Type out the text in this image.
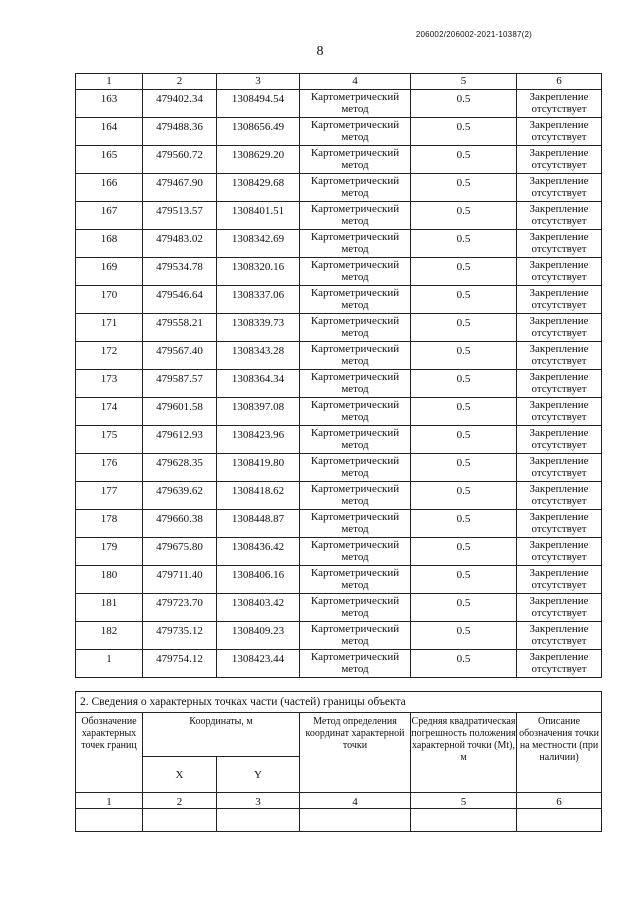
206002/206002-2021-10387(2)
8
1	2	3	4	5	6
163	479402.34	1308494.54	Картометрический метод	0.5	Закрепление отсутствует
164	479488.36	1308656.49	Картометрический метод	0.5	Закрепление отсутствует
165	479560.72	1308629.20	Картометрический метод	0.5	Закрепление отсутствует
166	479467.90	1308429.68	Картометрический метод	0.5	Закрепление отсутствует
167	479513.57	1308401.51	Картометрический метод	0.5	Закрепление отсутствует
168	479483.02	1308342.69	Картометрический метод	0.5	Закрепление отсутствует
169	479534.78	1308320.16	Картометрический метод	0.5	Закрепление отсутствует
170	479546.64	1308337.06	Картометрический метод	0.5	Закрепление отсутствует
171	479558.21	1308339.73	Картометрический метод	0.5	Закрепление отсутствует
172	479567.40	1308343.28	Картометрический метод	0.5	Закрепление отсутствует
173	479587.57	1308364.34	Картометрический метод	0.5	Закрепление отсутствует
174	479601.58	1308397.08	Картометрический метод	0.5	Закрепление отсутствует
175	479612.93	1308423.96	Картометрический метод	0.5	Закрепление отсутствует
176	479628.35	1308419.80	Картометрический метод	0.5	Закрепление отсутствует
177	479639.62	1308418.62	Картометрический метод	0.5	Закрепление отсутствует
178	479660.38	1308448.87	Картометрический метод	0.5	Закрепление отсутствует
179	479675.80	1308436.42	Картометрический метод	0.5	Закрепление отсутствует
180	479711.40	1308406.16	Картометрический метод	0.5	Закрепление отсутствует
181	479723.70	1308403.42	Картометрический метод	0.5	Закрепление отсутствует
182	479735.12	1308409.23	Картометрический метод	0.5	Закрепление отсутствует
1	479754.12	1308423.44	Картометрический метод	0.5	Закрепление отсутствует
2. Сведения о характерных точках части (частей) границы объекта					
Обозначение характерных точек границ	Координаты, м		Метод определения координат характерной точки	Средняя квадратическая погрешность положения характерной точки (Mt), м	Описание обозначения точки на местности (при наличии)
	X	Y			
1	2	3	4	5	6
